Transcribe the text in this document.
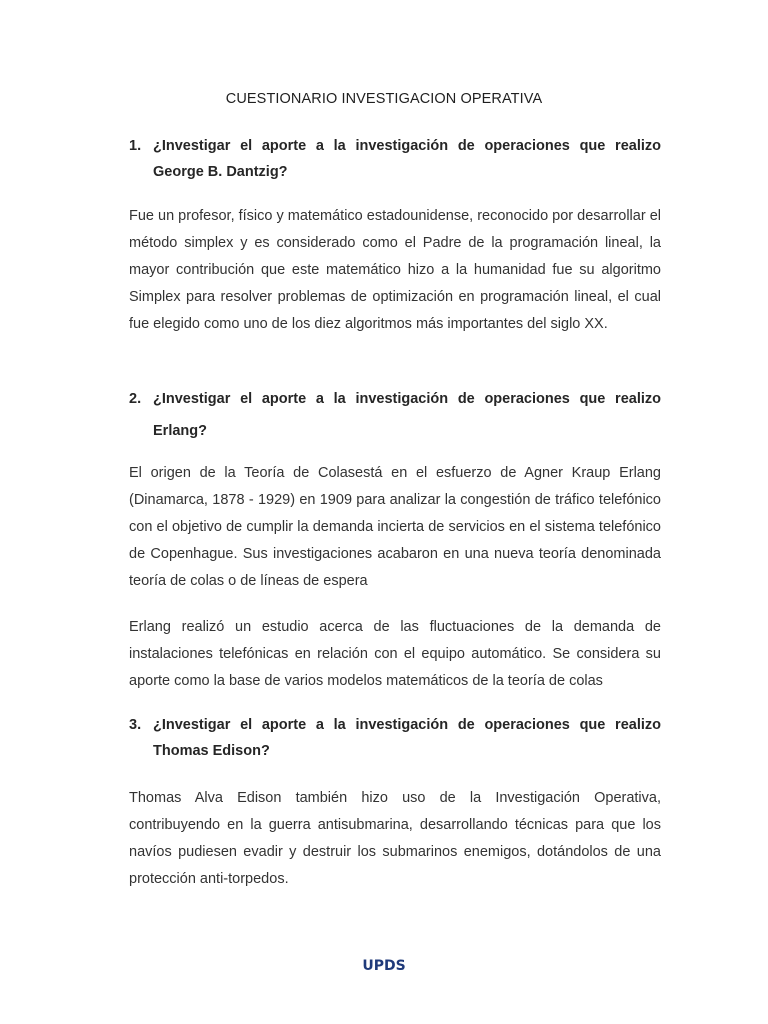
CUESTIONARIO INVESTIGACION OPERATIVA
1. ¿Investigar el aporte a la investigación de operaciones que realizo George B. Dantzig?
Fue un profesor, físico y matemático estadounidense, reconocido por desarrollar el método simplex y es considerado como el Padre de la programación lineal, la mayor contribución que este matemático hizo a la humanidad fue su algoritmo Simplex para resolver problemas de optimización en programación lineal, el cual fue elegido como uno de los diez algoritmos más importantes del siglo XX.
2. ¿Investigar el aporte a la investigación de operaciones que realizo Erlang?
El origen de la Teoría de Colasestá en el esfuerzo de Agner Kraup Erlang (Dinamarca, 1878 - 1929) en 1909 para analizar la congestión de tráfico telefónico con el objetivo de cumplir la demanda incierta de servicios en el sistema telefónico de Copenhague. Sus investigaciones acabaron en una nueva teoría denominada teoría de colas o de líneas de espera
Erlang realizó un estudio acerca de las fluctuaciones de la demanda de instalaciones telefónicas en relación con el equipo automático. Se considera su aporte como la base de varios modelos matemáticos de la teoría de colas
3. ¿Investigar el aporte a la investigación de operaciones que realizo Thomas Edison?
Thomas Alva Edison también hizo uso de la Investigación Operativa, contribuyendo en la guerra antisubmarina, desarrollando técnicas para que los navíos pudiesen evadir y destruir los submarinos enemigos, dotándolos de una protección anti-torpedos.
UPDS
